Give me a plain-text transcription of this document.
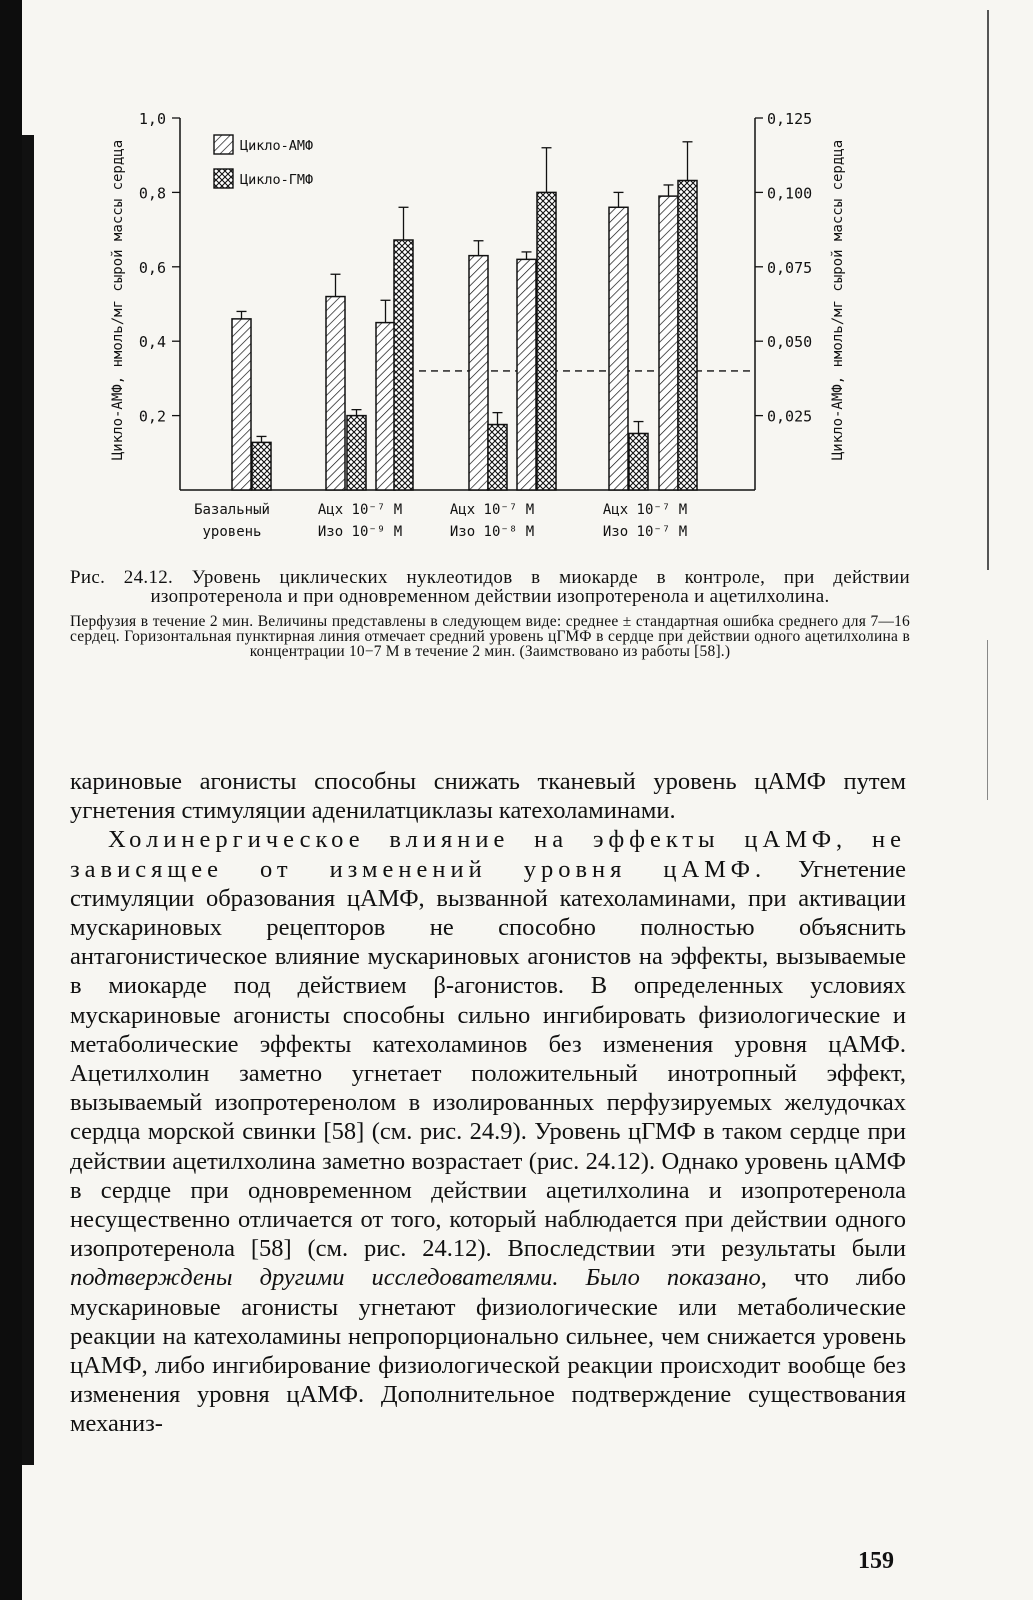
Цикло-АМФ
Цикло-ГМФ
0,2
0,4
0,6
0,8
1,0
0,025
0,050
0,075
0,100
0,125
Цикло-АМФ, нмоль/мг сырой массы сердца	Цикло-АМФ, нмоль/мг сырой массы сердца
Базальный
уровень
Ацх 10⁻⁷ М
Изо 10⁻⁹ М
Ацх 10⁻⁷ М
Изо 10⁻⁸ М
Ацх 10⁻⁷ М
Изо 10⁻⁷ М
Рис. 24.12. Уровень циклических нуклеотидов в миокарде в контроле, при действии изопротеренола и при одновременном действии изопротеренола и ацетилхолина.
Перфузия в течение 2 мин. Величины представлены в следующем виде: среднее ± стандартная ошибка среднего для 7—16 сердец. Горизонтальная пунктирная линия отмечает средний уровень цГМФ в сердце при действии одного ацетилхолина в концентрации 10−7 М в течение 2 мин. (Заимствовано из работы [58].)

кариновые агонисты способны снижать тканевый уровень цАМФ путем угнетения стимуляции аденилатциклазы катехоламинами.

Холинергическое влияние на эффекты цАМФ, не зависящее от изменений уровня цАМФ. Угнетение стимуляции образования цАМФ, вызванной катехоламинами, при активации мускариновых рецепторов не способно полностью объяснить антагонистическое влияние мускариновых агонистов на эффекты, вызываемые в миокарде под действием β-агонистов. В определенных условиях мускариновые агонисты способны сильно ингибировать физиологические и метаболические эффекты катехоламинов без изменения уровня цАМФ. Ацетилхолин заметно угнетает положительный инотропный эффект, вызываемый изопротеренолом в изолированных перфузируемых желудочках сердца морской свинки [58] (см. рис. 24.9). Уровень цГМФ в таком сердце при действии ацетилхолина заметно возрастает (рис. 24.12). Однако уровень цАМФ в сердце при одновременном действии ацетилхолина и изопротеренола несущественно отличается от того, который наблюдается при действии одного изопротеренола [58] (см. рис. 24.12). Впоследствии эти результаты были подтверждены другими исследователями. Было показано, что либо мускариновые агонисты угнетают физиологические или метаболические реакции на катехоламины непропорционально сильнее, чем снижается уровень цАМФ, либо ингибирование физиологической реакции происходит вообще без изменения уровня цАМФ. Дополнительное подтверждение существования механиз-

159
